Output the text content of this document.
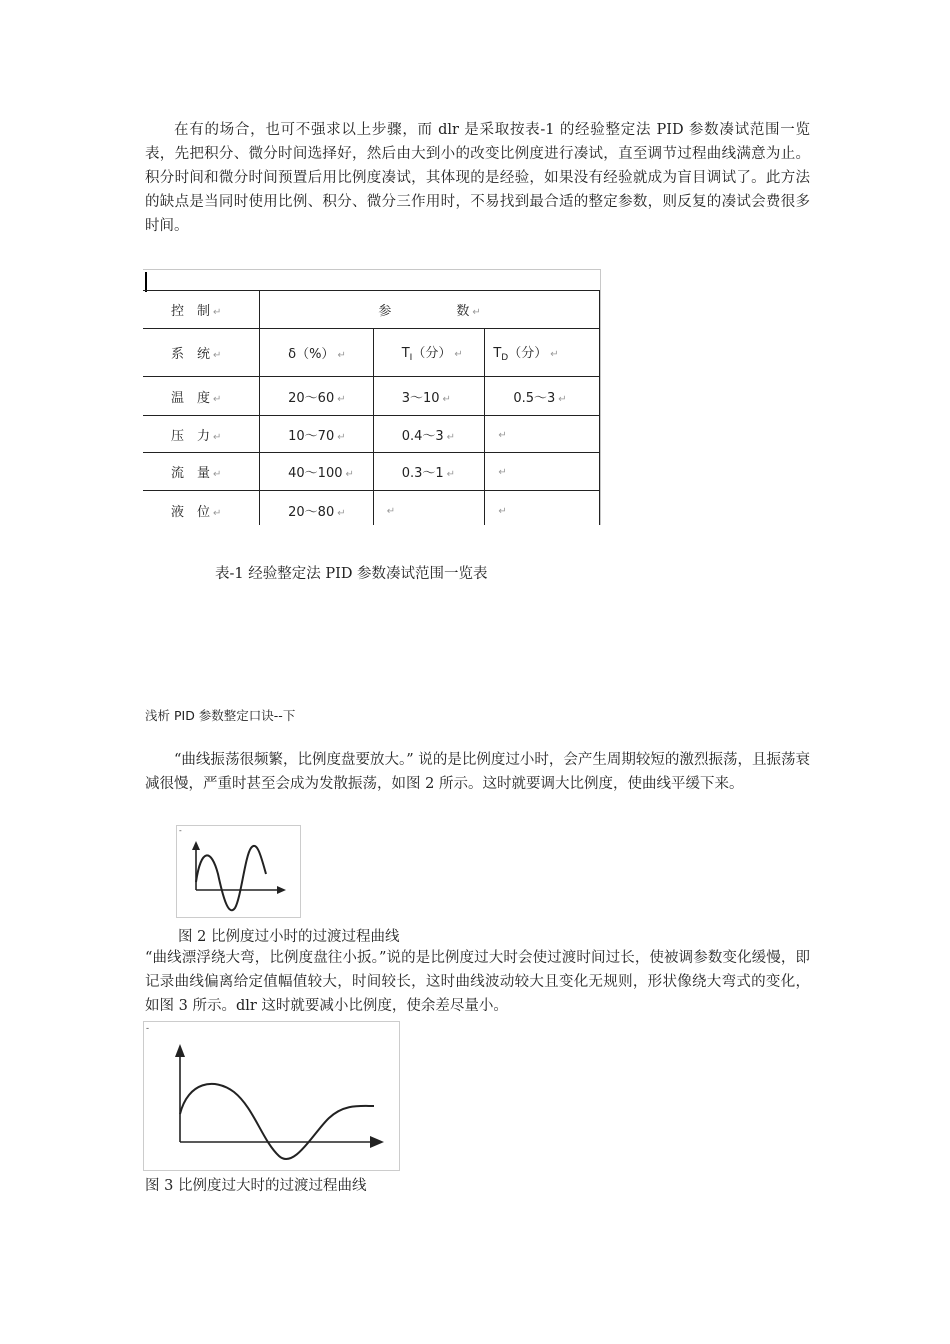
在有的场合，也可不强求以上步骤，而 dlr 是采取按表-1 的经验整定法 PID 参数凑试范围一览表，先把积分、微分时间选择好，然后由大到小的改变比例度进行凑试，直至调节过程曲线满意为止。积分时间和微分时间预置后用比例度凑试，其体现的是经验，如果没有经验就成为盲目调试了。此方法的缺点是当同时使用比例、积分、微分三作用时，不易找到最合适的整定参数，则反复的凑试会费很多时间。

控　制 ↵	参　　　　　数 ↵		
系　统 ↵	δ（%） ↵	$T_I$（分） ↵	$T_D$（分） ↵
温　度 ↵	20～60 ↵	3～10 ↵	0.5～3 ↵
压　力 ↵	10～70 ↵	0.4～3 ↵	↵
流　量 ↵	40～100 ↵	0.3～1 ↵	↵
液　位 ↵	20～80 ↵	↵	↵

表-1 经验整定法 PID 参数凑试范围一览表

浅析 PID 参数整定口诀--下

“曲线振荡很频繁，比例度盘要放大。” 说的是比例度过小时，会产生周期较短的激烈振荡，且振荡衰减很慢，严重时甚至会成为发散振荡，如图 2 所示。这时就要调大比例度，使曲线平缓下来。

-

图 2 比例度过小时的过渡过程曲线

“曲线漂浮绕大弯，比例度盘往小扳。”说的是比例度过大时会使过渡时间过长，使被调参数变化缓慢，即记录曲线偏离给定值幅值较大，时间较长，这时曲线波动较大且变化无规则，形状像绕大弯式的变化，如图 3 所示。dlr 这时就要减小比例度，使余差尽量小。

-

图 3 比例度过大时的过渡过程曲线
